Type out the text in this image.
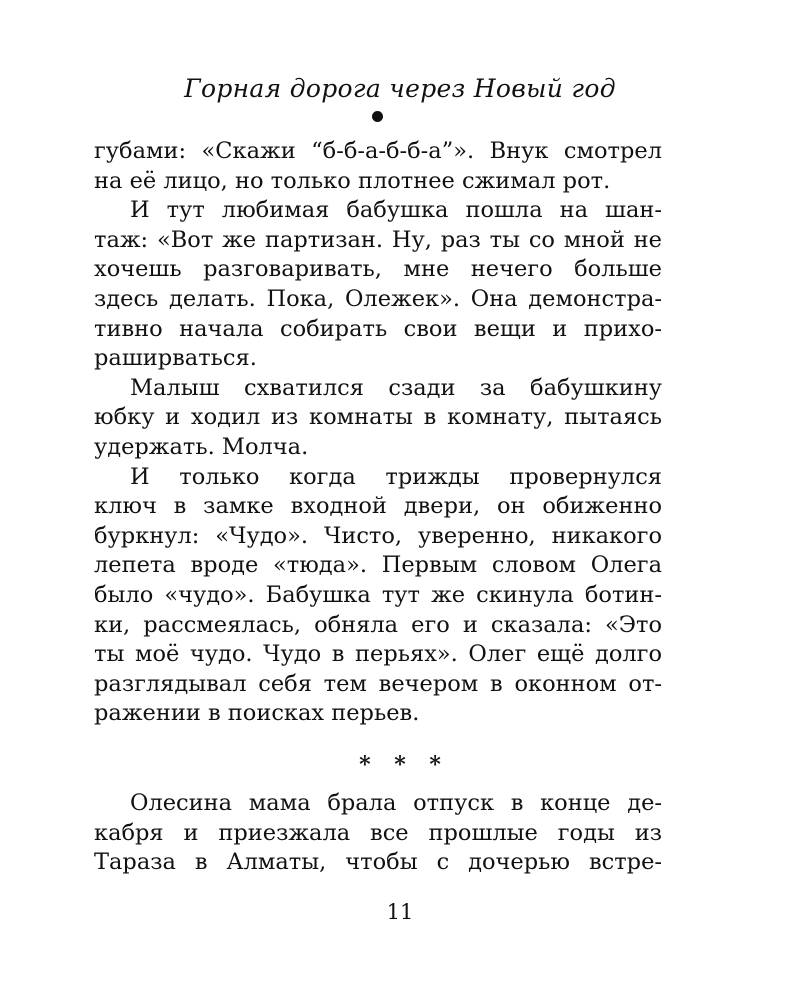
Горная дорога через Новый год
губами: «Скажи “б-б-а-б-б-а”». Внук смотрел
на её лицо, но только плотнее сжимал рот.
И тут любимая бабушка пошла на шан-
таж: «Вот же партизан. Ну, раз ты со мной не
хочешь разговаривать, мне нечего больше
здесь делать. Пока, Олежек». Она демонстра-
тивно начала собирать свои вещи и прихо-
раширваться.
Малыш схватился сзади за бабушкину
юбку и ходил из комнаты в комнату, пытаясь
удержать. Молча.
И только когда трижды провернулся
ключ в замке входной двери, он обиженно
буркнул: «Чудо». Чисто, уверенно, никакого
лепета вроде «тюда». Первым словом Олега
было «чудо». Бабушка тут же скинула ботин-
ки, рассмеялась, обняла его и сказала: «Это
ты моё чудо. Чудо в перьях». Олег ещё долго
разглядывал себя тем вечером в оконном от-
ражении в поисках перьев.
* * *
Олесина мама брала отпуск в конце де-
кабря и приезжала все прошлые годы из
Тараза в Алматы, чтобы с дочерью встре-
11
